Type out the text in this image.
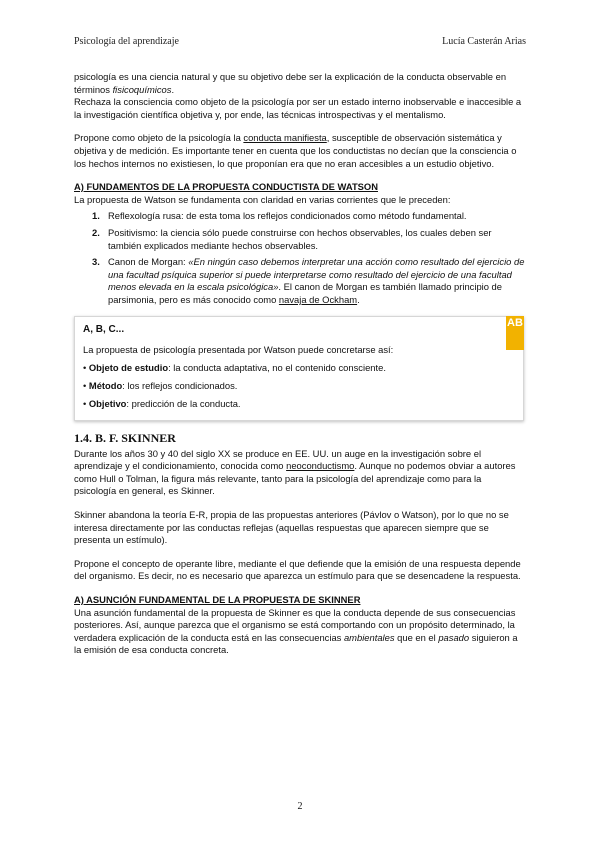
Psicología del aprendizaje	Lucía Casterán Arias

psicología es una ciencia natural y que su objetivo debe ser la explicación de la conducta observable en términos fisicoquímicos.

Rechaza la consciencia como objeto de la psicología por ser un estado interno inobservable e inaccesible a la investigación científica objetiva y, por ende, las técnicas introspectivas y el mentalismo.

Propone como objeto de la psicología la conducta manifiesta, susceptible de observación sistemática y objetiva y de medición. Es importante tener en cuenta que los conductistas no decían que la consciencia o los hechos internos no existiesen, lo que proponían era que no eran accesibles a un estudio objetivo.

A) FUNDAMENTOS DE LA PROPUESTA CONDUCTISTA DE WATSON

La propuesta de Watson se fundamenta con claridad en varias corrientes que le preceden:

1. Reflexología rusa: de esta toma los reflejos condicionados como método fundamental.
2. Positivismo: la ciencia sólo puede construirse con hechos observables, los cuales deben ser también explicados mediante hechos observables.
3. Canon de Morgan: «En ningún caso debemos interpretar una acción como resultado del ejercicio de una facultad psíquica superior si puede interpretarse como resultado del ejercicio de una facultad menos elevada en la escala psicológica». El canon de Morgan es también llamado principio de parsimonia, pero es más conocido como navaja de Ockham.
AB
A, B, C...

La propuesta de psicología presentada por Watson puede concretarse así:

• Objeto de estudio: la conducta adaptativa, no el contenido consciente.

• Método: los reflejos condicionados.

• Objetivo: predicción de la conducta.

1.4. B. F. SKINNER

Durante los años 30 y 40 del siglo XX se produce en EE. UU. un auge en la investigación sobre el aprendizaje y el condicionamiento, conocida como neoconductismo. Aunque no podemos obviar a autores como Hull o Tolman, la figura más relevante, tanto para la psicología del aprendizaje como para la psicología en general, es Skinner.

Skinner abandona la teoría E-R, propia de las propuestas anteriores (Pávlov o Watson), por lo que no se interesa directamente por las conductas reflejas (aquellas respuestas que aparecen siempre que se presenta un estímulo).

Propone el concepto de operante libre, mediante el que defiende que la emisión de una respuesta depende del organismo. Es decir, no es necesario que aparezca un estímulo para que se desencadene la respuesta.

A) ASUNCIÓN FUNDAMENTAL DE LA PROPUESTA DE SKINNER

Una asunción fundamental de la propuesta de Skinner es que la conducta depende de sus consecuencias posteriores. Así, aunque parezca que el organismo se está comportando con un propósito determinado, la verdadera explicación de la conducta está en las consecuencias ambientales que en el pasado siguieron a la emisión de esa conducta concreta.

2
